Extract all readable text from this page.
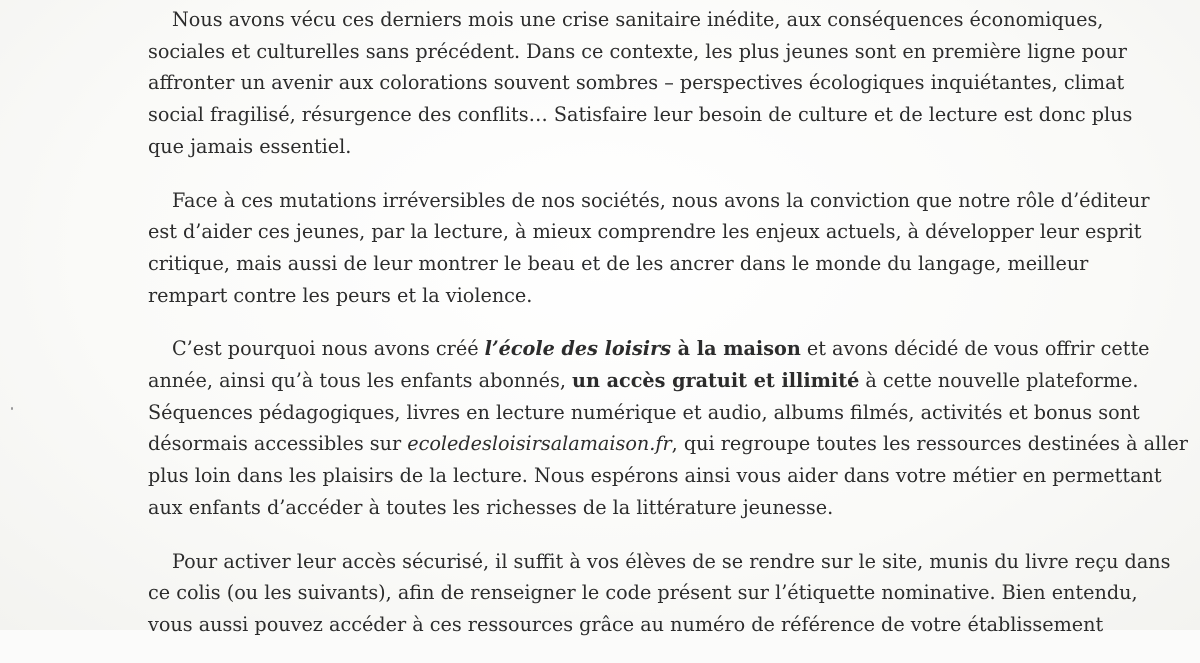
Nous avons vécu ces derniers mois une crise sanitaire inédite, aux conséquences économiques,
sociales et culturelles sans précédent. Dans ce contexte, les plus jeunes sont en première ligne pour
affronter un avenir aux colorations souvent sombres – perspectives écologiques inquiétantes, climat
social fragilisé, résurgence des conflits… Satisfaire leur besoin de culture et de lecture est donc plus
que jamais essentiel.
Face à ces mutations irréversibles de nos sociétés, nous avons la conviction que notre rôle d’éditeur
est d’aider ces jeunes, par la lecture, à mieux comprendre les enjeux actuels, à développer leur esprit
critique, mais aussi de leur montrer le beau et de les ancrer dans le monde du langage, meilleur
rempart contre les peurs et la violence.
C’est pourquoi nous avons créé l’école des loisirs à la maison et avons décidé de vous offrir cette
année, ainsi qu’à tous les enfants abonnés, un accès gratuit et illimité à cette nouvelle plateforme.
Séquences pédagogiques, livres en lecture numérique et audio, albums filmés, activités et bonus sont
désormais accessibles sur ecoledesloisirsalamaison.fr, qui regroupe toutes les ressources destinées à aller
plus loin dans les plaisirs de la lecture. Nous espérons ainsi vous aider dans votre métier en permettant
aux enfants d’accéder à toutes les richesses de la littérature jeunesse.
Pour activer leur accès sécurisé, il suffit à vos élèves de se rendre sur le site, munis du livre reçu dans
ce colis (ou les suivants), afin de renseigner le code présent sur l’étiquette nominative. Bien entendu,
vous aussi pouvez accéder à ces ressources grâce au numéro de référence de votre établissement
